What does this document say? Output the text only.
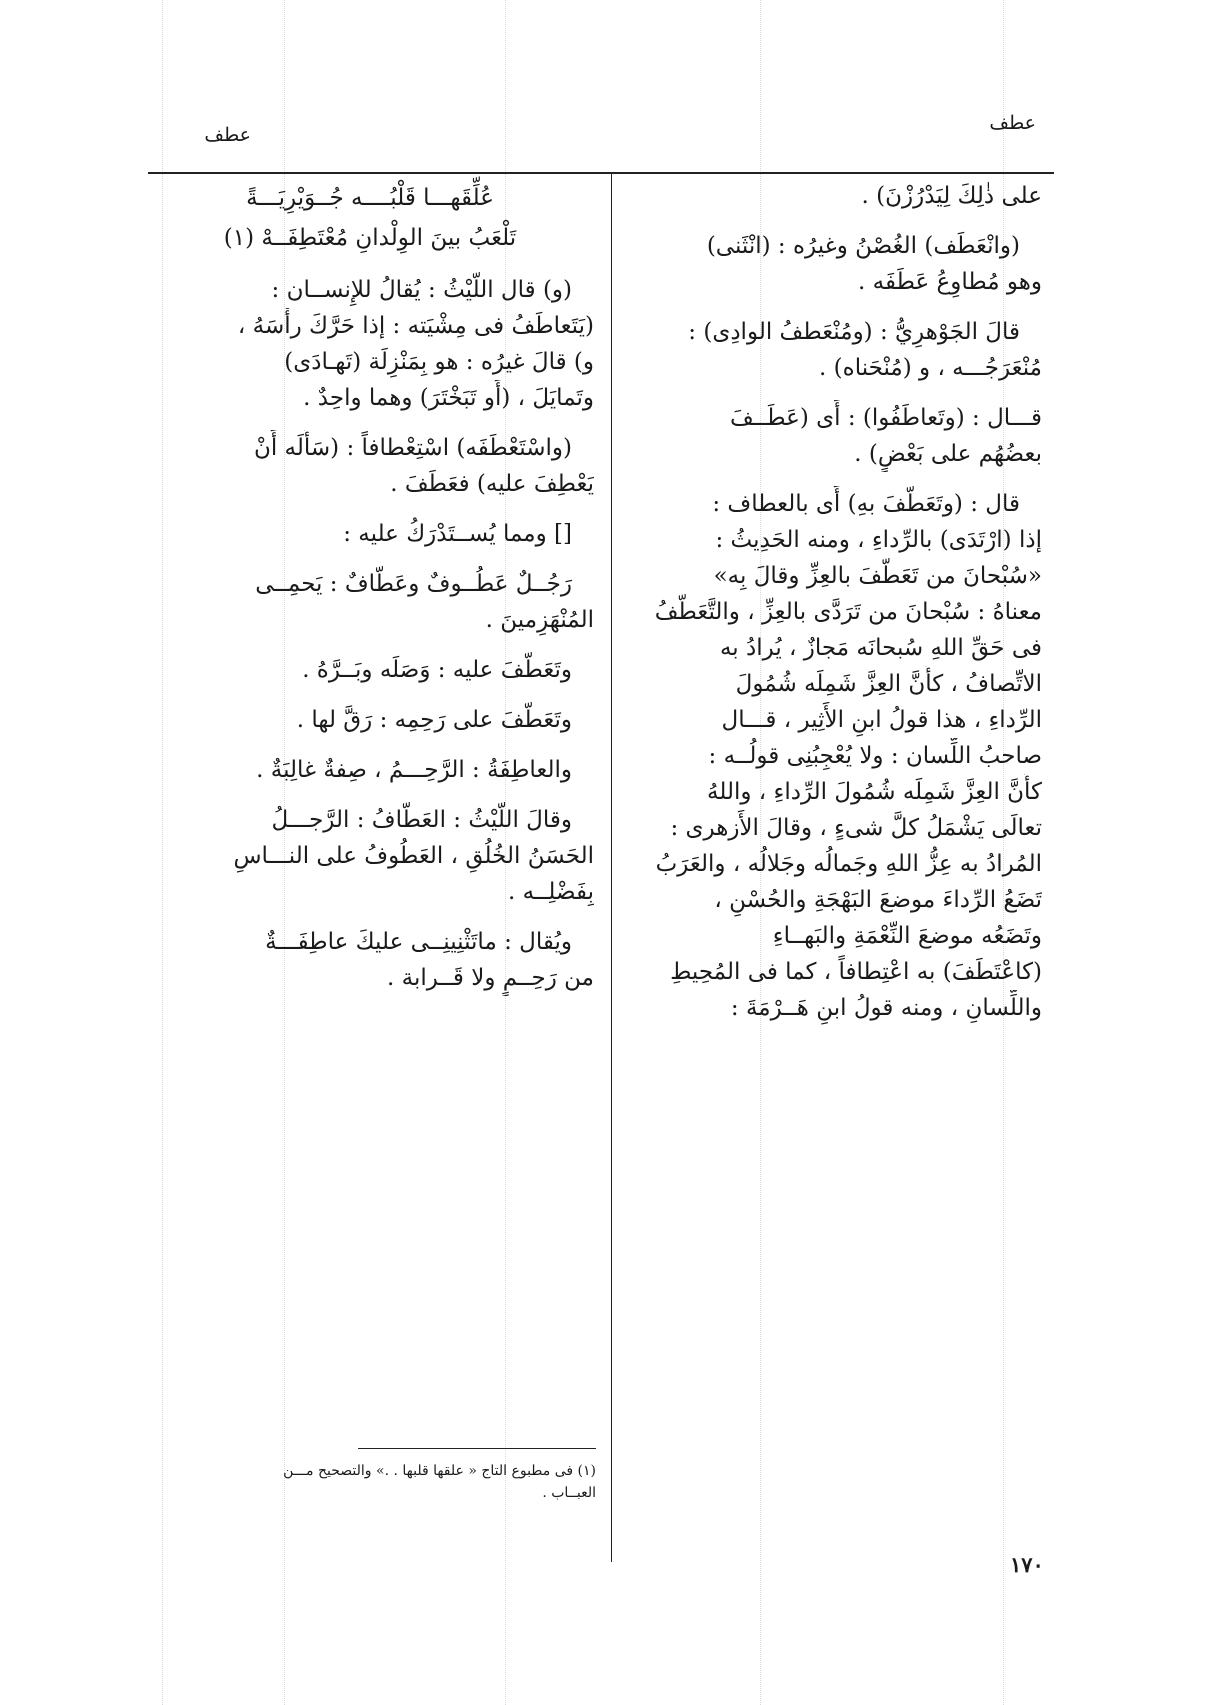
عطف
عطف
على ذٰلِكَ لِيَدْرُزْنَ) .
(وانْعَطَف) الغُصْنُ وغيرُه : (انْثَنى)
وهو مُطاوِعُ عَطَفَه .
قالَ الجَوْهرِيُّ : (ومُنْعَطفُ الوادِى) :
مُنْعَرَجُـــه ، و (مُنْحَناه) .
قـــال : (وتَعاطَفُوا) : أَى (عَطَــفَ
بعضُهُم على بَعْضٍ) .
قال : (وتَعَطَّفَ بهِ) أَى بالعطاف :
إذا (ارْتَدَى) بالرِّداءِ ، ومنه الحَدِيثُ :
«سُبْحانَ من تَعَطَّفَ بالعِزِّ وقالَ بِه»
معناهُ : سُبْحانَ من تَرَدَّى بالعِزِّ ، والتَّعَطُّفُ
فى حَقِّ اللهِ سُبحانَه مَجازٌ ، يُرادُ به
الاتِّصافُ ، كأَنَّ العِزَّ شَمِلَه شُمُولَ
الرِّداءِ ، هذا قولُ ابنِ الأَثِير ، قـــال
صاحبُ اللِّسان : ولا يُعْجِبُنِى قولُــه :
كأَنَّ العِزَّ شَمِلَه شُمُولَ الرِّداءِ ، واللهُ
تعالَى يَشْمَلُ كلَّ شىءٍ ، وقالَ الأَزهرى :
المُرادُ به عِزُّ اللهِ وجَمالُه وجَلالُه ، والعَرَبُ
تَضَعُ الرِّداءَ موضعَ البَهْجَةِ والحُسْنِ ،
وتَضَعُه موضعَ النِّعْمَةِ والبَهــاءِ
(كاعْتَطَفَ) به اعْتِطافاً ، كما فى المُحِيطِ
واللِّسانِ ، ومنه قولُ ابنِ هَــرْمَةَ :
عُلِّقَهـــا قَلْبُــــه جُــوَيْرِيَـــةً
تَلْعَبُ بينَ الوِلْدانِ مُعْتَطِفَــهْ (١)
(و) قال اللَّيْثُ : يُقالُ للإِنســان :
(يَتَعاطَفُ فى مِشْيَته : إذا حَرَّكَ رأْسَهُ ،
و) قالَ غيرُه : هو بِمَنْزِلَة (تَهـادَى)
وتَمايَلَ ، (أَو تَبَخْتَرَ) وهما واحِدٌ .
(واسْتَعْطَفَه) اسْتِعْطافاً : (سَأَلَه أَنْ
يَعْطِفَ عليه) فعَطَفَ .
[] ومما يُســتَدْرَكُ عليه :
رَجُــلٌ عَطُــوفٌ وعَطّافٌ : يَحمِــى
المُنْهَزِمينَ .
وتَعَطَّفَ عليه : وَصَلَه وبَــرَّهُ .
وتَعَطَّفَ على رَحِمِه : رَقَّ لها .
والعاطِفَةُ : الرَّحِـــمُ ، صِفةٌ غالِبَةٌ .
وقالَ اللَّيْثُ : العَطّافُ : الرَّجـــلُ
الحَسَنُ الخُلُقِ ، العَطُوفُ على النـــاسِ
بِفَضْلِــه .
ويُقال : ماتَثْنِينِــى عليكَ عاطِفَـــةٌ
من رَحِــمٍ ولا قَــرابة .
(١) فى مطبوع التاج « علقها قلبها . .» والتصحيح مـــن
العبــاب .
١٧٠
